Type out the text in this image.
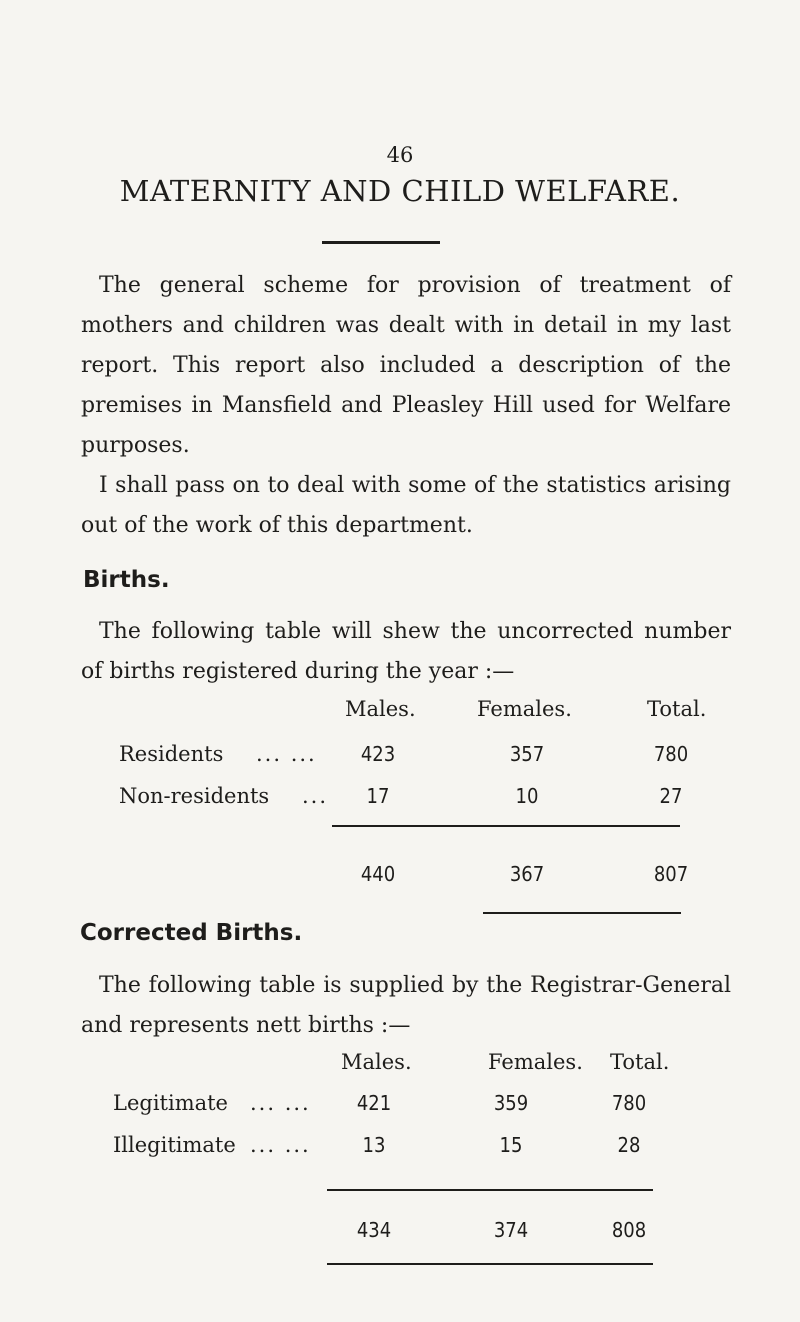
46
MATERNITY AND CHILD WELFARE.
The general scheme for provision of treatment of mothers and children was dealt with in detail in my last report. This report also included a description of the premises in Mansfield and Pleasley Hill used for Welfare purposes.
I shall pass on to deal with some of the statistics arising out of the work of this department.
Births.
The following table will shew the uncorrected number of births registered during the year :—
Males.	Females.	Total.
Residents ... ...	423	357	780
Non-residents ...	17	10	27
440	367	807
Corrected Births.
The following table is supplied by the Registrar-General and represents nett births :—
Males.	Females. Total.
Legitimate ... ...	421	359	780
Illegitimate ... ...	13	15	28
434	374	808
